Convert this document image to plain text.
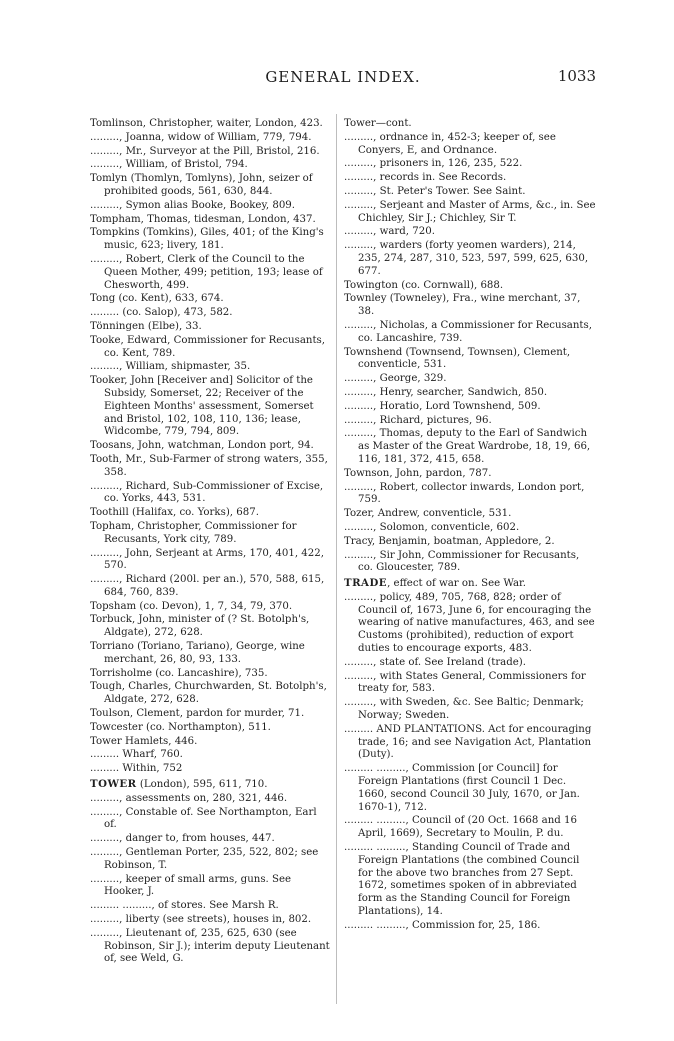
GENERAL INDEX.	1033
Tomlinson, Christopher, waiter, London, 423.
........., Joanna, widow of William, 779, 794.
........., Mr., Surveyor at the Pill, Bristol, 216.
........., William, of Bristol, 794.
Tomlyn (Thomlyn, Tomlyns), John, seizer of prohibited goods, 561, 630, 844.
........., Symon alias Booke, Bookey, 809.
Tompham, Thomas, tidesman, London, 437.
Tompkins (Tomkins), Giles, 401; of the King's music, 623; livery, 181.
........., Robert, Clerk of the Council to the Queen Mother, 499; petition, 193; lease of Chesworth, 499.
Tong (co. Kent), 633, 674.
......... (co. Salop), 473, 582.
Tönningen (Elbe), 33.
Tooke, Edward, Commissioner for Recusants, co. Kent, 789.
........., William, shipmaster, 35.
Tooker, John [Receiver and] Solicitor of the Subsidy, Somerset, 22; Receiver of the Eighteen Months' assessment, Somerset and Bristol, 102, 108, 110, 136; lease, Widcombe, 779, 794, 809.
Toosans, John, watchman, London port, 94.
Tooth, Mr., Sub-Farmer of strong waters, 355, 358.
........., Richard, Sub-Commissioner of Excise, co. Yorks, 443, 531.
Toothill (Halifax, co. Yorks), 687.
Topham, Christopher, Commissioner for Recusants, York city, 789.
........., John, Serjeant at Arms, 170, 401, 422, 570.
........., Richard (200l. per an.), 570, 588, 615, 684, 760, 839.
Topsham (co. Devon), 1, 7, 34, 79, 370.
Torbuck, John, minister of (? St. Botolph's, Aldgate), 272, 628.
Torriano (Toriano, Tariano), George, wine merchant, 26, 80, 93, 133.
Torrisholme (co. Lancashire), 735.
Tough, Charles, Churchwarden, St. Botolph's, Aldgate, 272, 628.
Toulson, Clement, pardon for murder, 71.
Towcester (co. Northampton), 511.
Tower Hamlets, 446.
......... Wharf, 760.
......... Within, 752
TOWER (London), 595, 611, 710.
........., assessments on, 280, 321, 446.
........., Constable of. See Northampton, Earl of.
........., danger to, from houses, 447.
........., Gentleman Porter, 235, 522, 802; see Robinson, T.
........., keeper of small arms, guns. See Hooker, J.
......... ........., of stores. See Marsh R.
........., liberty (see streets), houses in, 802.
........., Lieutenant of, 235, 625, 630 (see Robinson, Sir J.); interim deputy Lieutenant of, see Weld, G.
Tower—cont.
........., ordnance in, 452-3; keeper of, see Conyers, E, and Ordnance.
........., prisoners in, 126, 235, 522.
........., records in. See Records.
........., St. Peter's Tower. See Saint.
........., Serjeant and Master of Arms, &c., in. See Chichley, Sir J.; Chichley, Sir T.
........., ward, 720.
........., warders (forty yeomen warders), 214, 235, 274, 287, 310, 523, 597, 599, 625, 630, 677.
Towington (co. Cornwall), 688.
Townley (Towneley), Fra., wine merchant, 37, 38.
........., Nicholas, a Commissioner for Recusants, co. Lancashire, 739.
Townshend (Townsend, Townsen), Clement, conventicle, 531.
........., George, 329.
........., Henry, searcher, Sandwich, 850.
........., Horatio, Lord Townshend, 509.
........., Richard, pictures, 96.
........., Thomas, deputy to the Earl of Sandwich as Master of the Great Wardrobe, 18, 19, 66, 116, 181, 372, 415, 658.
Townson, John, pardon, 787.
........., Robert, collector inwards, London port, 759.
Tozer, Andrew, conventicle, 531.
........., Solomon, conventicle, 602.
Tracy, Benjamin, boatman, Appledore, 2.
........., Sir John, Commissioner for Recusants, co. Gloucester, 789.
TRADE, effect of war on. See War.
........., policy, 489, 705, 768, 828; order of Council of, 1673, June 6, for encouraging the wearing of native manufactures, 463, and see Customs (prohibited), reduction of export duties to encourage exports, 483.
........., state of. See Ireland (trade).
........., with States General, Commissioners for treaty for, 583.
........., with Sweden, &c. See Baltic; Denmark; Norway; Sweden.
......... AND PLANTATIONS. Act for encouraging trade, 16; and see Navigation Act, Plantation (Duty).
......... ........., Commission [or Council] for Foreign Plantations (first Council 1 Dec. 1660, second Council 30 July, 1670, or Jan. 1670-1), 712.
......... ........., Council of (20 Oct. 1668 and 16 April, 1669), Secretary to Moulin, P. du.
......... ........., Standing Council of Trade and Foreign Plantations (the combined Council for the above two branches from 27 Sept. 1672, sometimes spoken of in abbreviated form as the Standing Council for Foreign Plantations), 14.
......... ........., Commission for, 25, 186.
